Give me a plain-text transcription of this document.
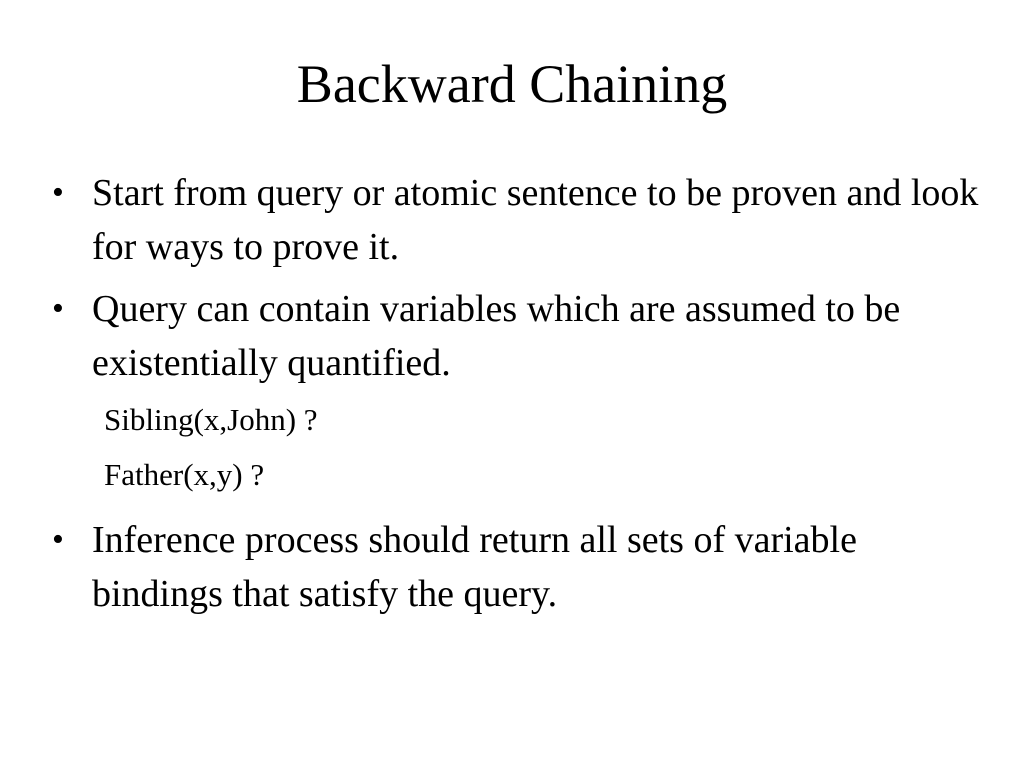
Backward Chaining
• Start from query or atomic sentence to be proven and look for ways to prove it.
• Query can contain variables which are assumed to be existentially quantified.
Sibling(x,John) ?
Father(x,y) ?
• Inference process should return all sets of variable bindings that satisfy the query.
